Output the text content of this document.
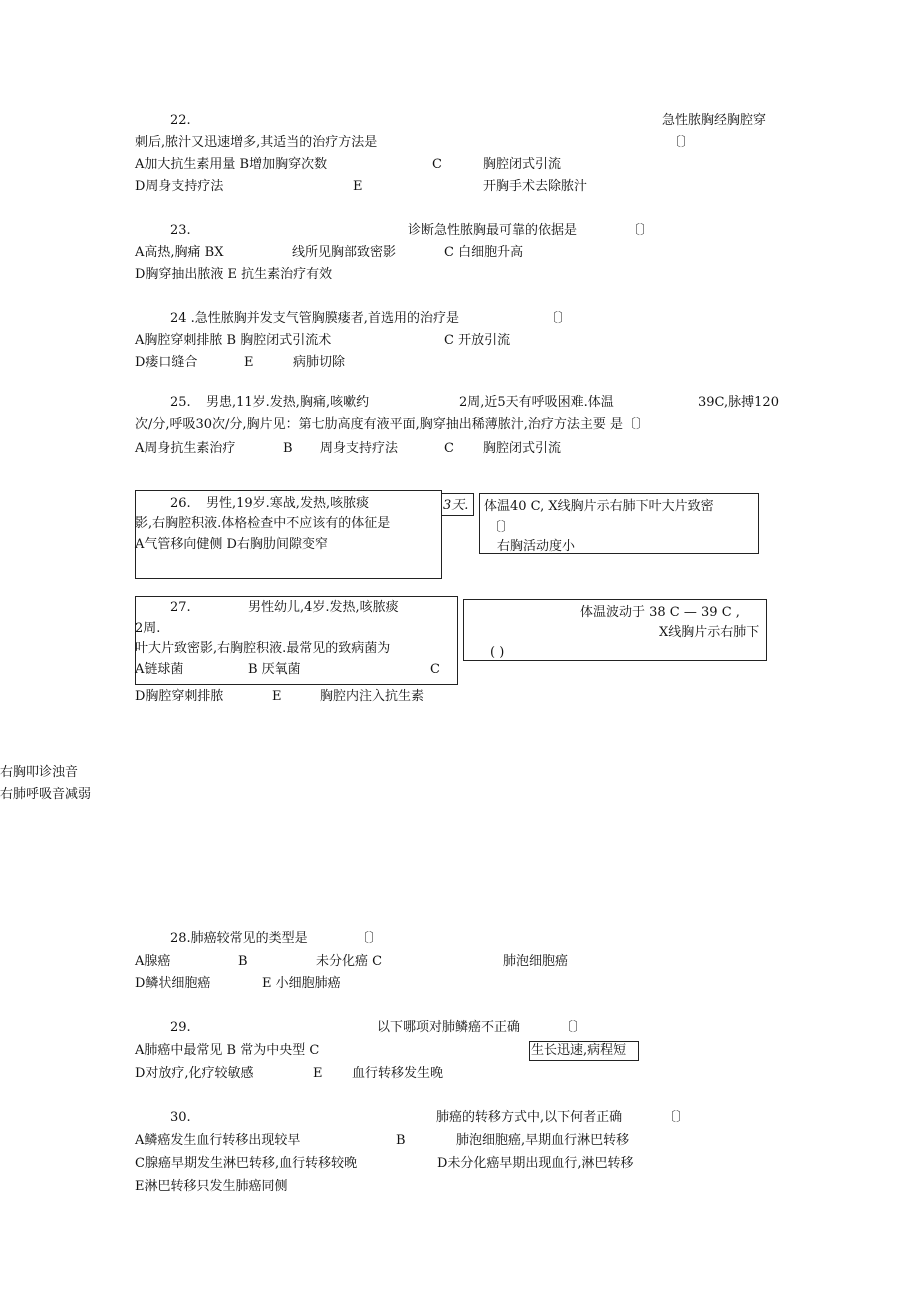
22.	急性脓胸经胸腔穿
刺后,脓汁又迅速增多,其适当的治疗方法是	〔〕
A加大抗生素用量 B增加胸穿次数	C	胸腔闭式引流
D周身支持疗法	E	开胸手术去除脓汁
23.	诊断急性脓胸最可靠的依据是	〔〕
A高热,胸痛 BX	线所见胸部致密影	C 白细胞升高
D胸穿抽出脓液 E 抗生素治疗有效
24 .急性脓胸并发支气管胸膜瘘者,首选用的治疗是	〔〕
A胸腔穿刺排脓 B 胸腔闭式引流术	C 开放引流
D瘘口缝合	E	病肺切除
25. 男患,11岁.发热,胸痛,咳嗽约	2周,近5天有呼吸困难.体温	39C,脉搏120
次/分,呼吸30次/分,胸片见：第七肋高度有液平面,胸穿抽出稀薄脓汁,治疗方法主要 是〔〕
A周身抗生素治疗	B 周身支持疗法	C 胸腔闭式引流
26. 男性,19岁.寒战,发热,咳脓痰	3天. 体温40 C, X线胸片示右肺下叶大片致密
影,右胸腔积液.体格检查中不应该有的体征是	〔〕
A气管移向健侧 D右胸肋间隙变窄	右胸活动度小
27.	男性幼儿,4岁.发热,咳脓痰	体温波动于 38 C — 39 C ,
2周.	X线胸片示右肺下
叶大片致密影,右胸腔积液.最常见的致病菌为	( )
A链球菌	B 厌氧菌	C
D胸腔穿刺排脓	E	胸腔内注入抗生素
右胸叩诊浊音
右肺呼吸音减弱
28.肺癌较常见的类型是	〔〕
A腺癌	B	未分化癌 C	肺泡细胞癌
D鳞状细胞癌	E 小细胞肺癌
29.	以下哪项对肺鳞癌不正确	〔〕
A肺癌中最常见 B 常为中央型 C	生长迅速,病程短
D对放疗,化疗较敏感	E 血行转移发生晚
30.	肺癌的转移方式中,以下何者正确	〔〕
A鳞癌发生血行转移出现较早	B	肺泡细胞癌,早期血行淋巴转移
C腺癌早期发生淋巴转移,血行转移较晚	D未分化癌早期出现血行,淋巴转移
E淋巴转移只发生肺癌同侧
